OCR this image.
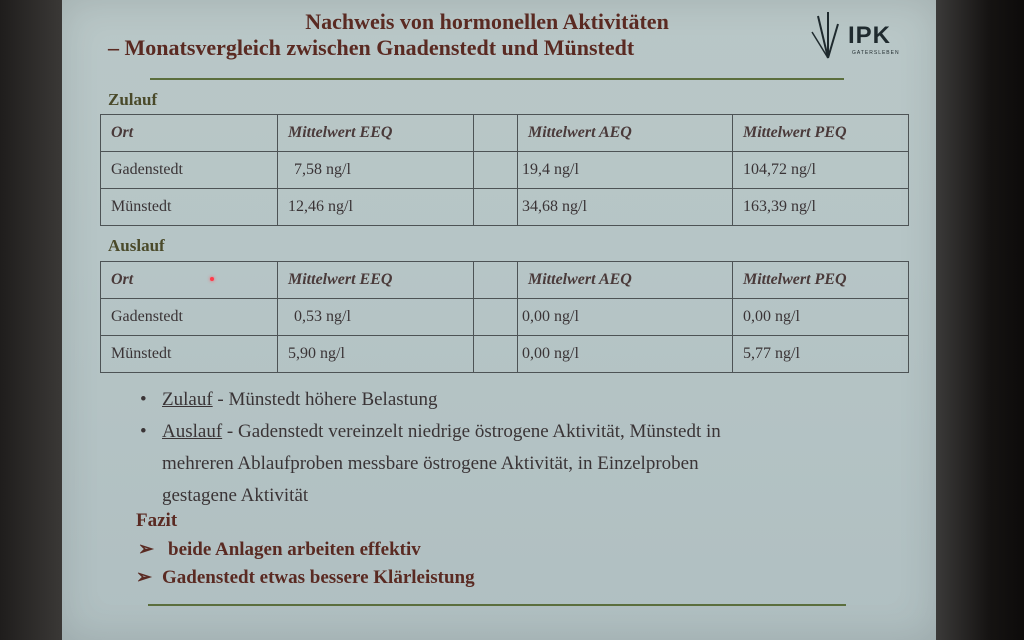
Nachweis von hormonellen Aktivitäten
– Monatsvergleich zwischen Gnadenstedt und Münstedt	IPK
GATERSLEBEN
Zulauf
Ort	Mittelwert EEQ		Mittelwert AEQ	Mittelwert PEQ
Gadenstedt	7,58 ng/l		19,4 ng/l	104,72 ng/l
Münstedt	12,46 ng/l		34,68 ng/l	163,39 ng/l
Auslauf
Ort	Mittelwert EEQ		Mittelwert AEQ	Mittelwert PEQ
Gadenstedt	0,53 ng/l		0,00 ng/l	0,00 ng/l
Münstedt	5,90 ng/l		0,00 ng/l	5,77 ng/l
• Zulauf - Münstedt höhere Belastung
• Auslauf - Gadenstedt vereinzelt niedrige östrogene Aktivität, Münstedt in
mehreren Ablaufproben messbare östrogene Aktivität, in Einzelproben
gestagene Aktivität
Fazit
➢ beide Anlagen arbeiten effektiv
➢ Gadenstedt etwas bessere Klärleistung
